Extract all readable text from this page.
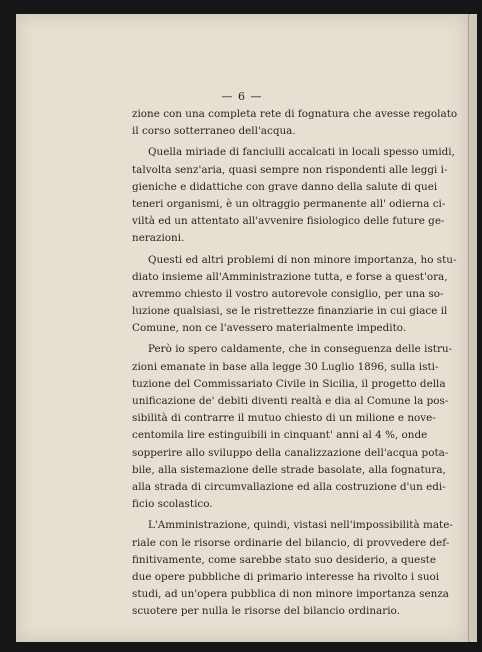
— 6 —
zione con una completa rete di fognatura che avesse regolato
il corso sotterraneo dell'acqua.
Quella miriade di fanciulli accalcati in locali spesso umidi,
talvolta senz'aria, quasi sempre non rispondenti alle leggi i-
gieniche e didattiche con grave danno della salute di quei
teneri organismi, è un oltraggio permanente all' odierna ci-
viltà ed un attentato all'avvenire fisiologico delle future ge-
nerazioni.
Questi ed altri problemi di non minore importanza, ho stu-
diato insieme all'Amministrazione tutta, e forse a quest'ora,
avremmo chiesto il vostro autorevole consiglio, per una so-
luzione qualsiasi, se le ristrettezze finanziarie in cui giace il
Comune, non ce l'avessero materialmente impedito.
Però io spero caldamente, che in conseguenza delle istru-
zioni emanate in base alla legge 30 Luglio 1896, sulla isti-
tuzione del Commissariato Civile in Sicilia, il progetto della
unificazione de' debiti diventi realtà e dia al Comune la pos-
sibilità di contrarre il mutuo chiesto di un milione e nove-
centomila lire estinguibili in cinquant' anni al 4 %, onde
sopperire allo sviluppo della canalizzazione dell'acqua pota-
bile, alla sistemazione delle strade basolate, alla fognatura,
alla strada di circumvallazione ed alla costruzione d'un edi-
ficio scolastico.
L'Amministrazione, quindi, vistasi nell'impossibilità mate-
riale con le risorse ordinarie del bilancio, di provvedere def-
finitivamente, come sarebbe stato suo desiderio, a queste
due opere pubbliche di primario interesse ha rivolto i suoi
studi, ad un'opera pubblica di non minore importanza senza
scuotere per nulla le risorse del bilancio ordinario.
